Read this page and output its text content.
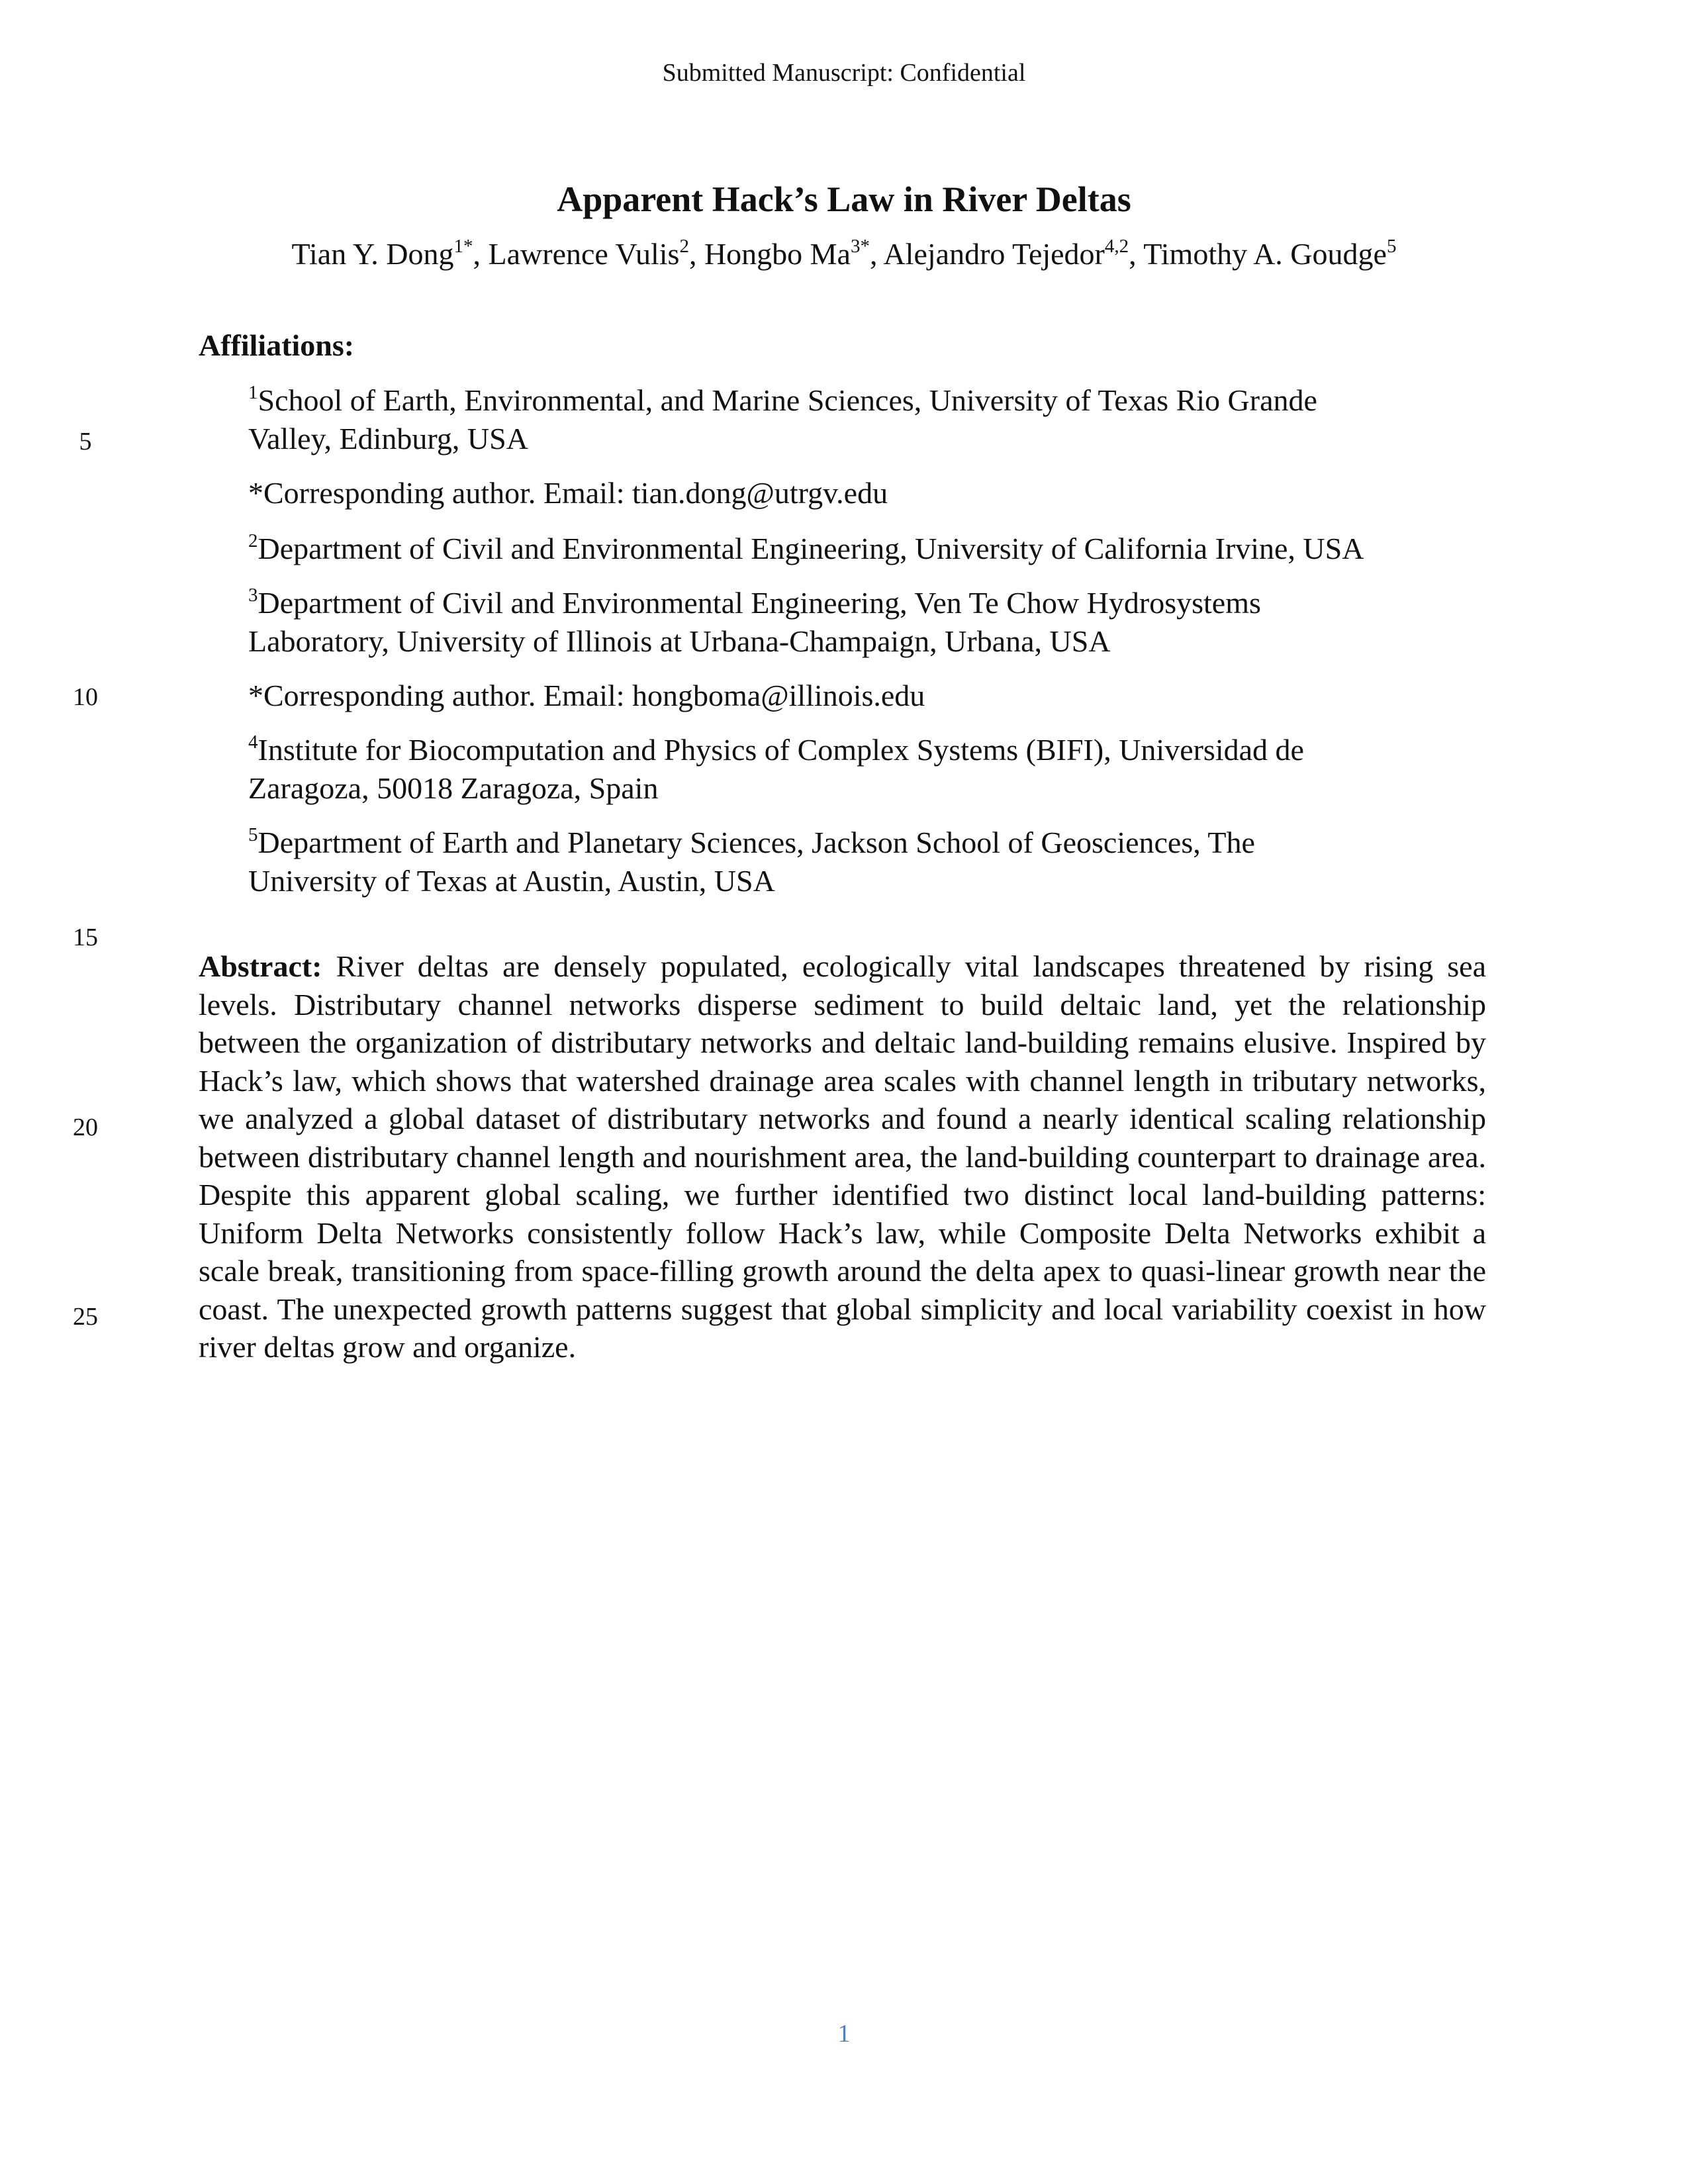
Submitted Manuscript: Confidential
Apparent Hack’s Law in River Deltas
Tian Y. Dong$^{1*}$, Lawrence Vulis$^2$, Hongbo $Ma^{3*}$, Alejandro Tejedor$^{4,2}$, Timothy A. Goudge$^5$
Affiliations:
$^1$School of Earth, Environmental, and Marine Sciences, University of Texas Rio Grande
Valley, Edinburg, USA
*Corresponding author. Email: tian.dong@utrgv.edu
$^2$Department of Civil and Environmental Engineering, University of California Irvine, USA
$^3$Department of Civil and Environmental Engineering, Ven Te Chow Hydrosystems
Laboratory, University of Illinois at Urbana-Champaign, Urbana, USA
*Corresponding author. Email: hongboma@illinois.edu
$^4$Institute for Biocomputation and Physics of Complex Systems (BIFI), Universidad de
Zaragoza, 50018 Zaragoza, Spain
$^5$Department of Earth and Planetary Sciences, Jackson School of Geosciences, The
University of Texas at Austin, Austin, USA
5
10
15
20
25
Abstract: River deltas are densely populated, ecologically vital landscapes threatened by rising sea levels. Distributary channel networks disperse sediment to build deltaic land, yet the relationship between the organization of distributary networks and deltaic land-building remains elusive. Inspired by Hack’s law, which shows that watershed drainage area scales with channel length in tributary networks, we analyzed a global dataset of distributary networks and found a nearly identical scaling relationship between distributary channel length and nourishment area, the land-building counterpart to drainage area. Despite this apparent global scaling, we further identified two distinct local land-building patterns: Uniform Delta Networks consistently follow Hack’s law, while Composite Delta Networks exhibit a scale break, transitioning from space-filling growth around the delta apex to quasi-linear growth near the coast. The unexpected growth patterns suggest that global simplicity and local variability coexist in how river deltas grow and organize.
1
